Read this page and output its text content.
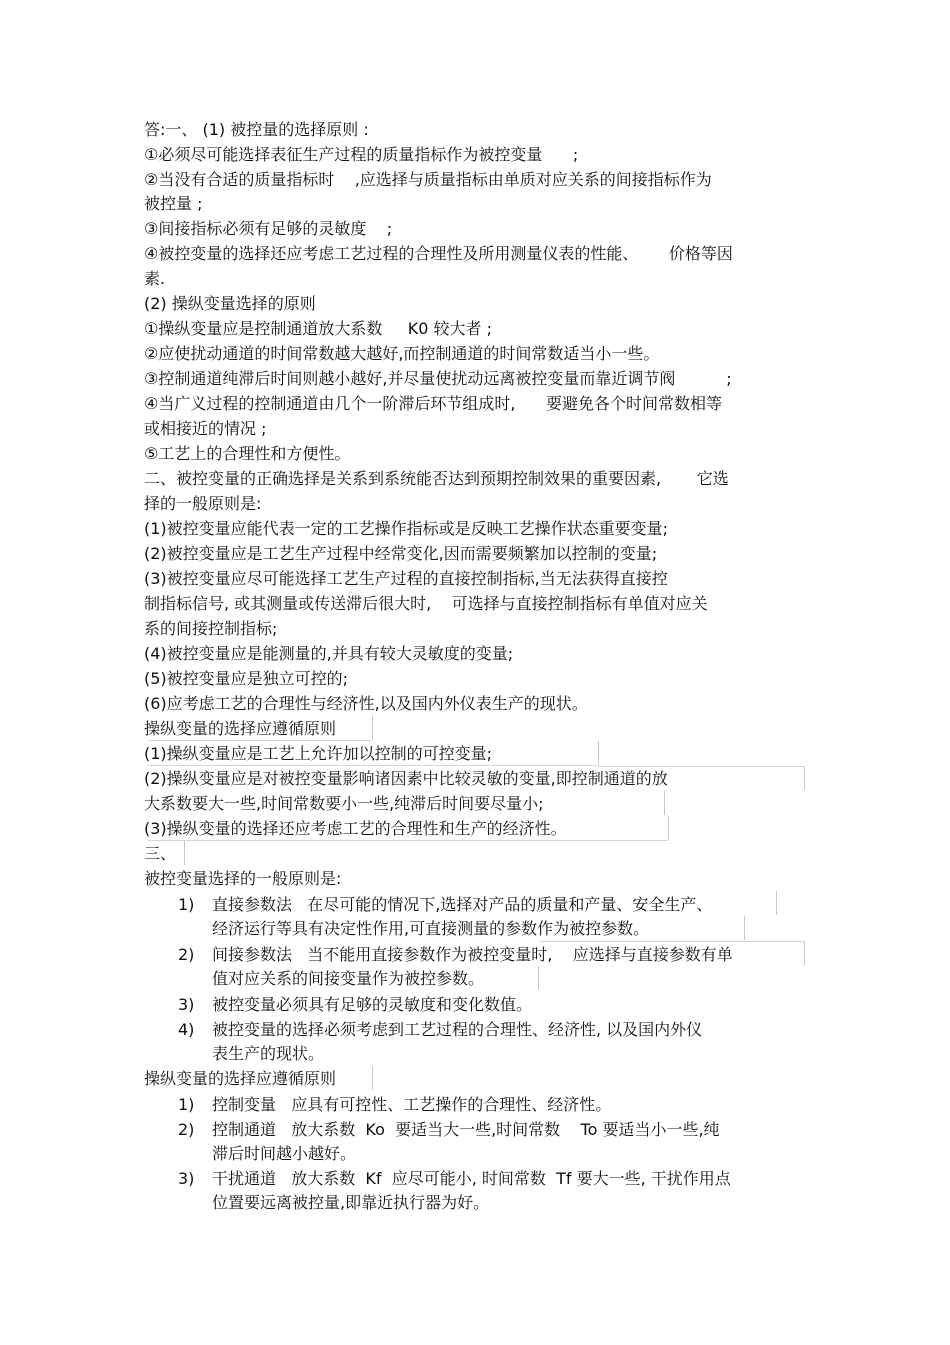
答:一、 (1) 被控量的选择原则 :
①必须尽可能选择表征生产过程的质量指标作为被控变量      ;
②当没有合适的质量指标时    ,应选择与质量指标由单质对应关系的间接指标作为
被控量 ;
③间接指标必须有足够的灵敏度    ;
④被控变量的选择还应考虑工艺过程的合理性及所用测量仪表的性能、      价格等因
素.
(2) 操纵变量选择的原则
①操纵变量应是控制通道放大系数     K0 较大者 ;
②应使扰动通道的时间常数越大越好,而控制通道的时间常数适当小一些。
③控制通道纯滞后时间则越小越好,并尽量使扰动远离被控变量而靠近调节阀          ;
④当广义过程的控制通道由几个一阶滞后环节组成时,      要避免各个时间常数相等
或相接近的情况 ;
⑤工艺上的合理性和方便性。
二、被控变量的正确选择是关系到系统能否达到预期控制效果的重要因素,       它选
择的一般原则是:
(1)被控变量应能代表一定的工艺操作指标或是反映工艺操作状态重要变量;
(2)被控变量应是工艺生产过程中经常变化,因而需要频繁加以控制的变量;
(3)被控变量应尽可能选择工艺生产过程的直接控制指标,当无法获得直接控
制指标信号, 或其测量或传送滞后很大时,    可选择与直接控制指标有单值对应关
系的间接控制指标;
(4)被控变量应是能测量的,并具有较大灵敏度的变量;
(5)被控变量应是独立可控的;
(6)应考虑工艺的合理性与经济性,以及国内外仪表生产的现状。
操纵变量的选择应遵循原则
(1)操纵变量应是工艺上允许加以控制的可控变量;
(2)操纵变量应是对被控变量影响诸因素中比较灵敏的变量,即控制通道的放
大系数要大一些,时间常数要小一些,纯滞后时间要尽量小;
(3)操纵变量的选择还应考虑工艺的合理性和生产的经济性。
三、
被控变量选择的一般原则是:
1) 直接参数法   在尽可能的情况下,选择对产品的质量和产量、安全生产、
经济运行等具有决定性作用,可直接测量的参数作为被控参数。
2) 间接参数法   当不能用直接参数作为被控变量时,    应选择与直接参数有单
值对应关系的间接变量作为被控参数。
3) 被控变量必须具有足够的灵敏度和变化数值。
4) 被控变量的选择必须考虑到工艺过程的合理性、经济性, 以及国内外仪
表生产的现状。
操纵变量的选择应遵循原则
1) 控制变量   应具有可控性、工艺操作的合理性、经济性。
2) 控制通道   放大系数  Ko  要适当大一些,时间常数    To 要适当小一些,纯
滞后时间越小越好。
3) 干扰通道   放大系数  Kf  应尽可能小, 时间常数  Tf 要大一些, 干扰作用点
位置要远离被控量,即靠近执行器为好。
